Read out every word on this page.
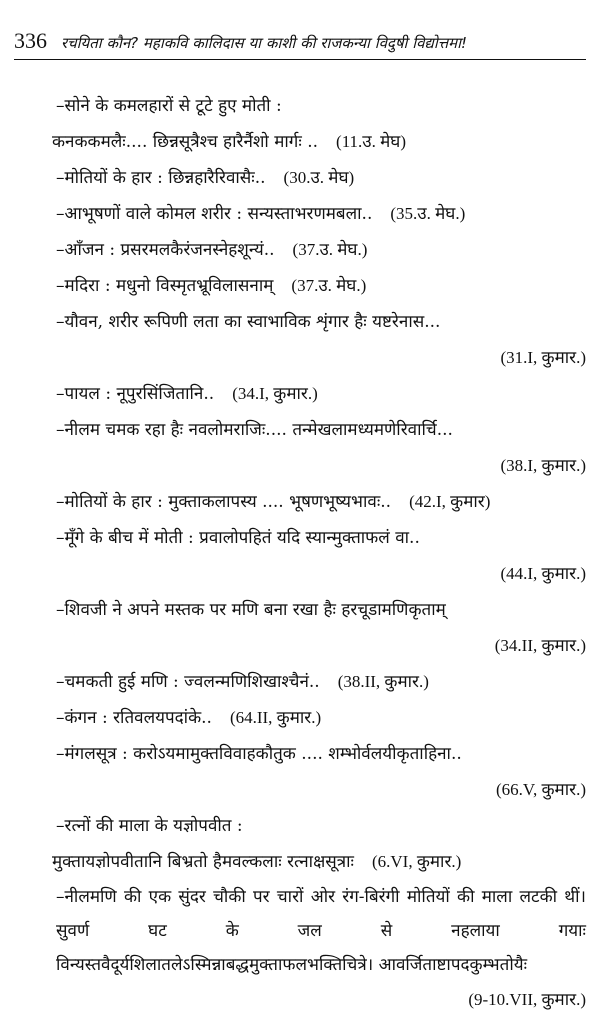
336 रचयिता कौन? महाकवि कालिदास या काशी की राजकन्या विदुषी विद्योत्तमा!
–सोने के कमलहारों से टूटे हुए मोती :
कनककमलैः.... छिन्नसूत्रैश्च हारैर्नैशो मार्गः .. (11.उ. मेघ)
–मोतियों के हार : छिन्नहारैरिवासैः.. (30.उ. मेघ)
–आभूषणों वाले कोमल शरीर : सन्यस्ताभरणमबला.. (35.उ. मेघ.)
–आँजन : प्रसरमलकैरंजनस्नेहशून्यं.. (37.उ. मेघ.)
–मदिरा : मधुनो विस्मृतभ्रूविलासनाम् (37.उ. मेघ.)
–यौवन, शरीर रूपिणी लता का स्वाभाविक शृंगार हैः यष्टरेनास...
(31.I, कुमार.)
–पायल : नूपुरसिंजितानि.. (34.I, कुमार.)
–नीलम चमक रहा हैः नवलोमराजिः.... तन्मेखलामध्यमणेरिवार्चि...
(38.I, कुमार.)
–मोतियों के हार : मुक्ताकलापस्य .... भूषणभूष्यभावः.. (42.I, कुमार)
–मूँगे के बीच में मोती : प्रवालोपहितं यदि स्यान्मुक्ताफलं वा..
(44.I, कुमार.)
–शिवजी ने अपने मस्तक पर मणि बना रखा हैः हरचूडामणिकृताम्
(34.II, कुमार.)
–चमकती हुई मणि : ज्वलन्मणिशिखाश्चैनं.. (38.II, कुमार.)
–कंगन : रतिवलयपदांके.. (64.II, कुमार.)
–मंगलसूत्र : करोऽयमामुक्तविवाहकौतुक .... शम्भोर्वलयीकृताहिना..
(66.V, कुमार.)
–रत्नों की माला के यज्ञोपवीत :
मुक्तायज्ञोपवीतानि बिभ्रतो हैमवल्कलाः रत्नाक्षसूत्राः (6.VI, कुमार.)
–नीलमणि की एक सुंदर चौकी पर चारों ओर रंग-बिरंगी मोतियों की माला लटकी थीं। सुवर्ण घट के जल से नहलाया गयाः विन्यस्तवैदूर्यशिलातलेऽस्मिन्नाबद्धमुक्ताफलभक्तिचित्रे। आवर्जिताष्टापदकुम्भतोयैः
(9-10.VII, कुमार.)
